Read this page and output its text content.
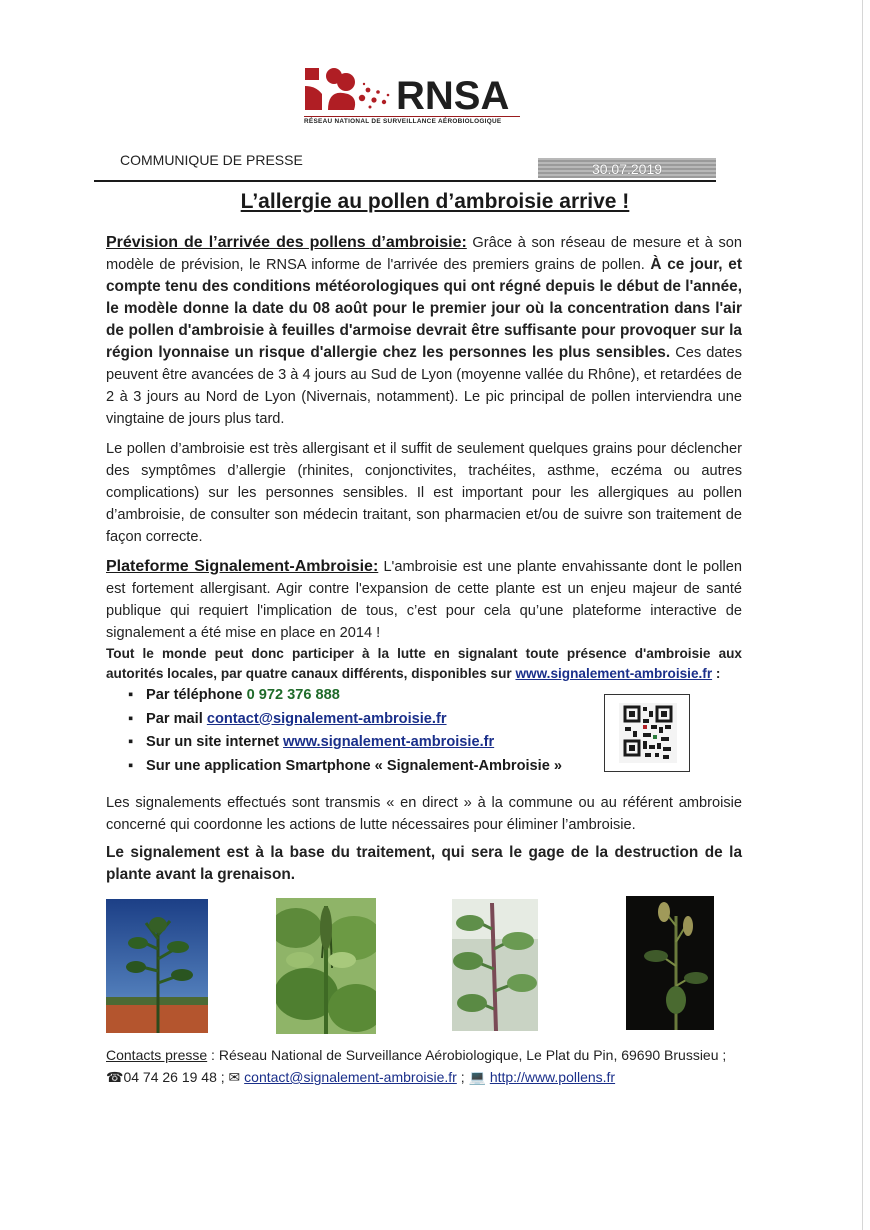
RNSA
RÉSEAU NATIONAL DE SURVEILLANCE AÉROBIOLOGIQUE
COMMUNIQUE DE PRESSE
30.07.2019
L’allergie au pollen d’ambroisie arrive !
Prévision de l’arrivée des pollens d’ambroisie: Grâce à son réseau de mesure et à son modèle de prévision, le RNSA informe de l'arrivée des premiers grains de pollen. À ce jour, et compte tenu des conditions météorologiques qui ont régné depuis le début de l'année, le modèle donne la date du 08 août pour le premier jour où la concentration dans l'air de pollen d'ambroisie à feuilles d'armoise devrait être suffisante pour provoquer sur la région lyonnaise un risque d'allergie chez les personnes les plus sensibles. Ces dates peuvent être avancées de 3 à 4 jours au Sud de Lyon (moyenne vallée du Rhône), et retardées de 2 à 3 jours au Nord de Lyon (Nivernais, notamment). Le pic principal de pollen interviendra une vingtaine de jours plus tard.
Le pollen d’ambroisie est très allergisant et il suffit de seulement quelques grains pour déclencher des symptômes d’allergie (rhinites, conjonctivites, trachéites, asthme, eczéma ou autres complications) sur les personnes sensibles. Il est important pour les allergiques au pollen d’ambroisie, de consulter son médecin traitant, son pharmacien et/ou de suivre son traitement de façon correcte.
Plateforme Signalement-Ambroisie: L'ambroisie est une plante envahissante dont le pollen est fortement allergisant. Agir contre l'expansion de cette plante est un enjeu majeur de santé publique qui requiert l'implication de tous, c’est pour cela qu’une plateforme interactive de signalement a été mise en place en 2014 !
Tout le monde peut donc participer à la lutte en signalant toute présence d'ambroisie aux autorités locales, par quatre canaux différents, disponibles sur www.signalement-ambroisie.fr :
▪ Par téléphone 0 972 376 888
▪ Par mail contact@signalement-ambroisie.fr
▪ Sur un site internet www.signalement-ambroisie.fr
▪ Sur une application Smartphone « Signalement-Ambroisie »
Les signalements effectués sont transmis « en direct » à la commune ou au référent ambroisie concerné qui coordonne les actions de lutte nécessaires pour éliminer l’ambroisie.
Le signalement est à la base du traitement, qui sera le gage de la destruction de la plante avant la grenaison.
Contacts presse : Réseau National de Surveillance Aérobiologique, Le Plat du Pin, 69690 Brussieu ;
☎04 74 26 19 48 ; ✉ contact@signalement-ambroisie.fr ; 💻 http://www.pollens.fr
